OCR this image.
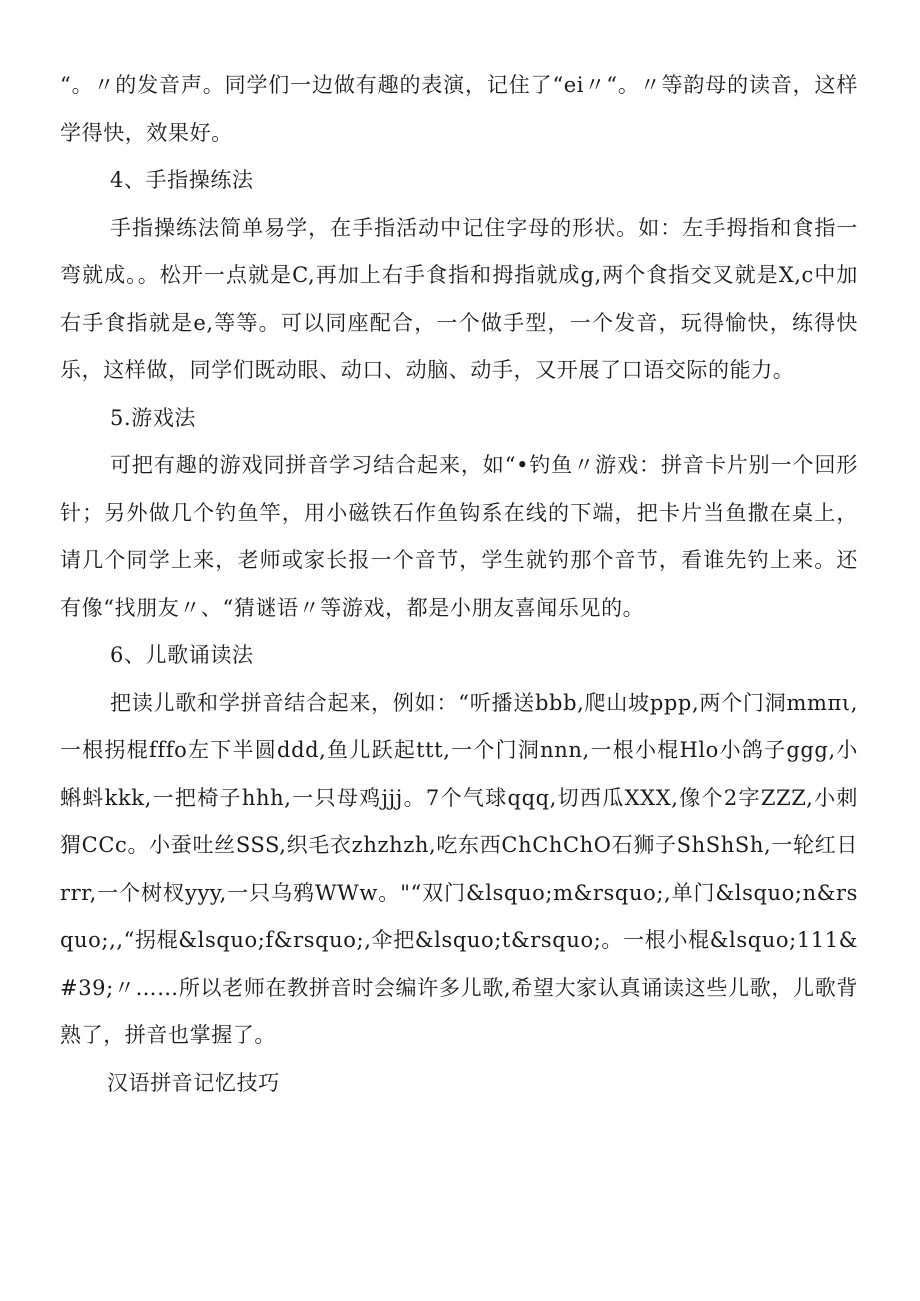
“。〃的发音声。同学们一边做有趣的表演，记住了“ei〃“。〃等韵母的读音，这样学得快，效果好。

4、手指操练法

手指操练法简单易学，在手指活动中记住字母的形状。如：左手拇指和食指一弯就成。。松开一点就是C,再加上右手食指和拇指就成g,两个食指交叉就是X,c中加右手食指就是e,等等。可以同座配合，一个做手型，一个发音，玩得愉快，练得快乐，这样做，同学们既动眼、动口、动脑、动手，又开展了口语交际的能力。

5.游戏法

可把有趣的游戏同拼音学习结合起来，如“•钓鱼〃游戏：拼音卡片别一个回形针；另外做几个钓鱼竿，用小磁铁石作鱼钩系在线的下端，把卡片当鱼撒在桌上，请几个同学上来，老师或家长报一个音节，学生就钓那个音节，看谁先钓上来。还有像“找朋友〃、“猜谜语〃等游戏，都是小朋友喜闻乐见的。

6、儿歌诵读法

把读儿歌和学拼音结合起来，例如：“听播送bbb,爬山坡ppp,两个门洞mmπι,一根拐棍fffo左下半圆ddd,鱼儿跃起ttt,一个门洞nnn,一根小棍Hlo小鸽子ggg,小蝌蚪kkk,一把椅子hhh,一只母鸡jjj。7个气球qqq,切西瓜XXX,像个2字ZZZ,小刺猬CCc。小蚕吐丝SSS,织毛衣zhzhzh,吃东西ChChChO石狮子ShShSh,一轮红日rrr,一个树杈yyy,一只乌鸦WWw。"“双门&lsquo;m&rsquo;,单门&lsquo;n&rsquo;,,“拐棍&lsquo;f&rsquo;,伞把&lsquo;t&rsquo;。一根小棍&lsquo;111&#39;〃……所以老师在教拼音时会编许多儿歌,希望大家认真诵读这些儿歌，儿歌背熟了，拼音也掌握了。

汉语拼音记忆技巧
